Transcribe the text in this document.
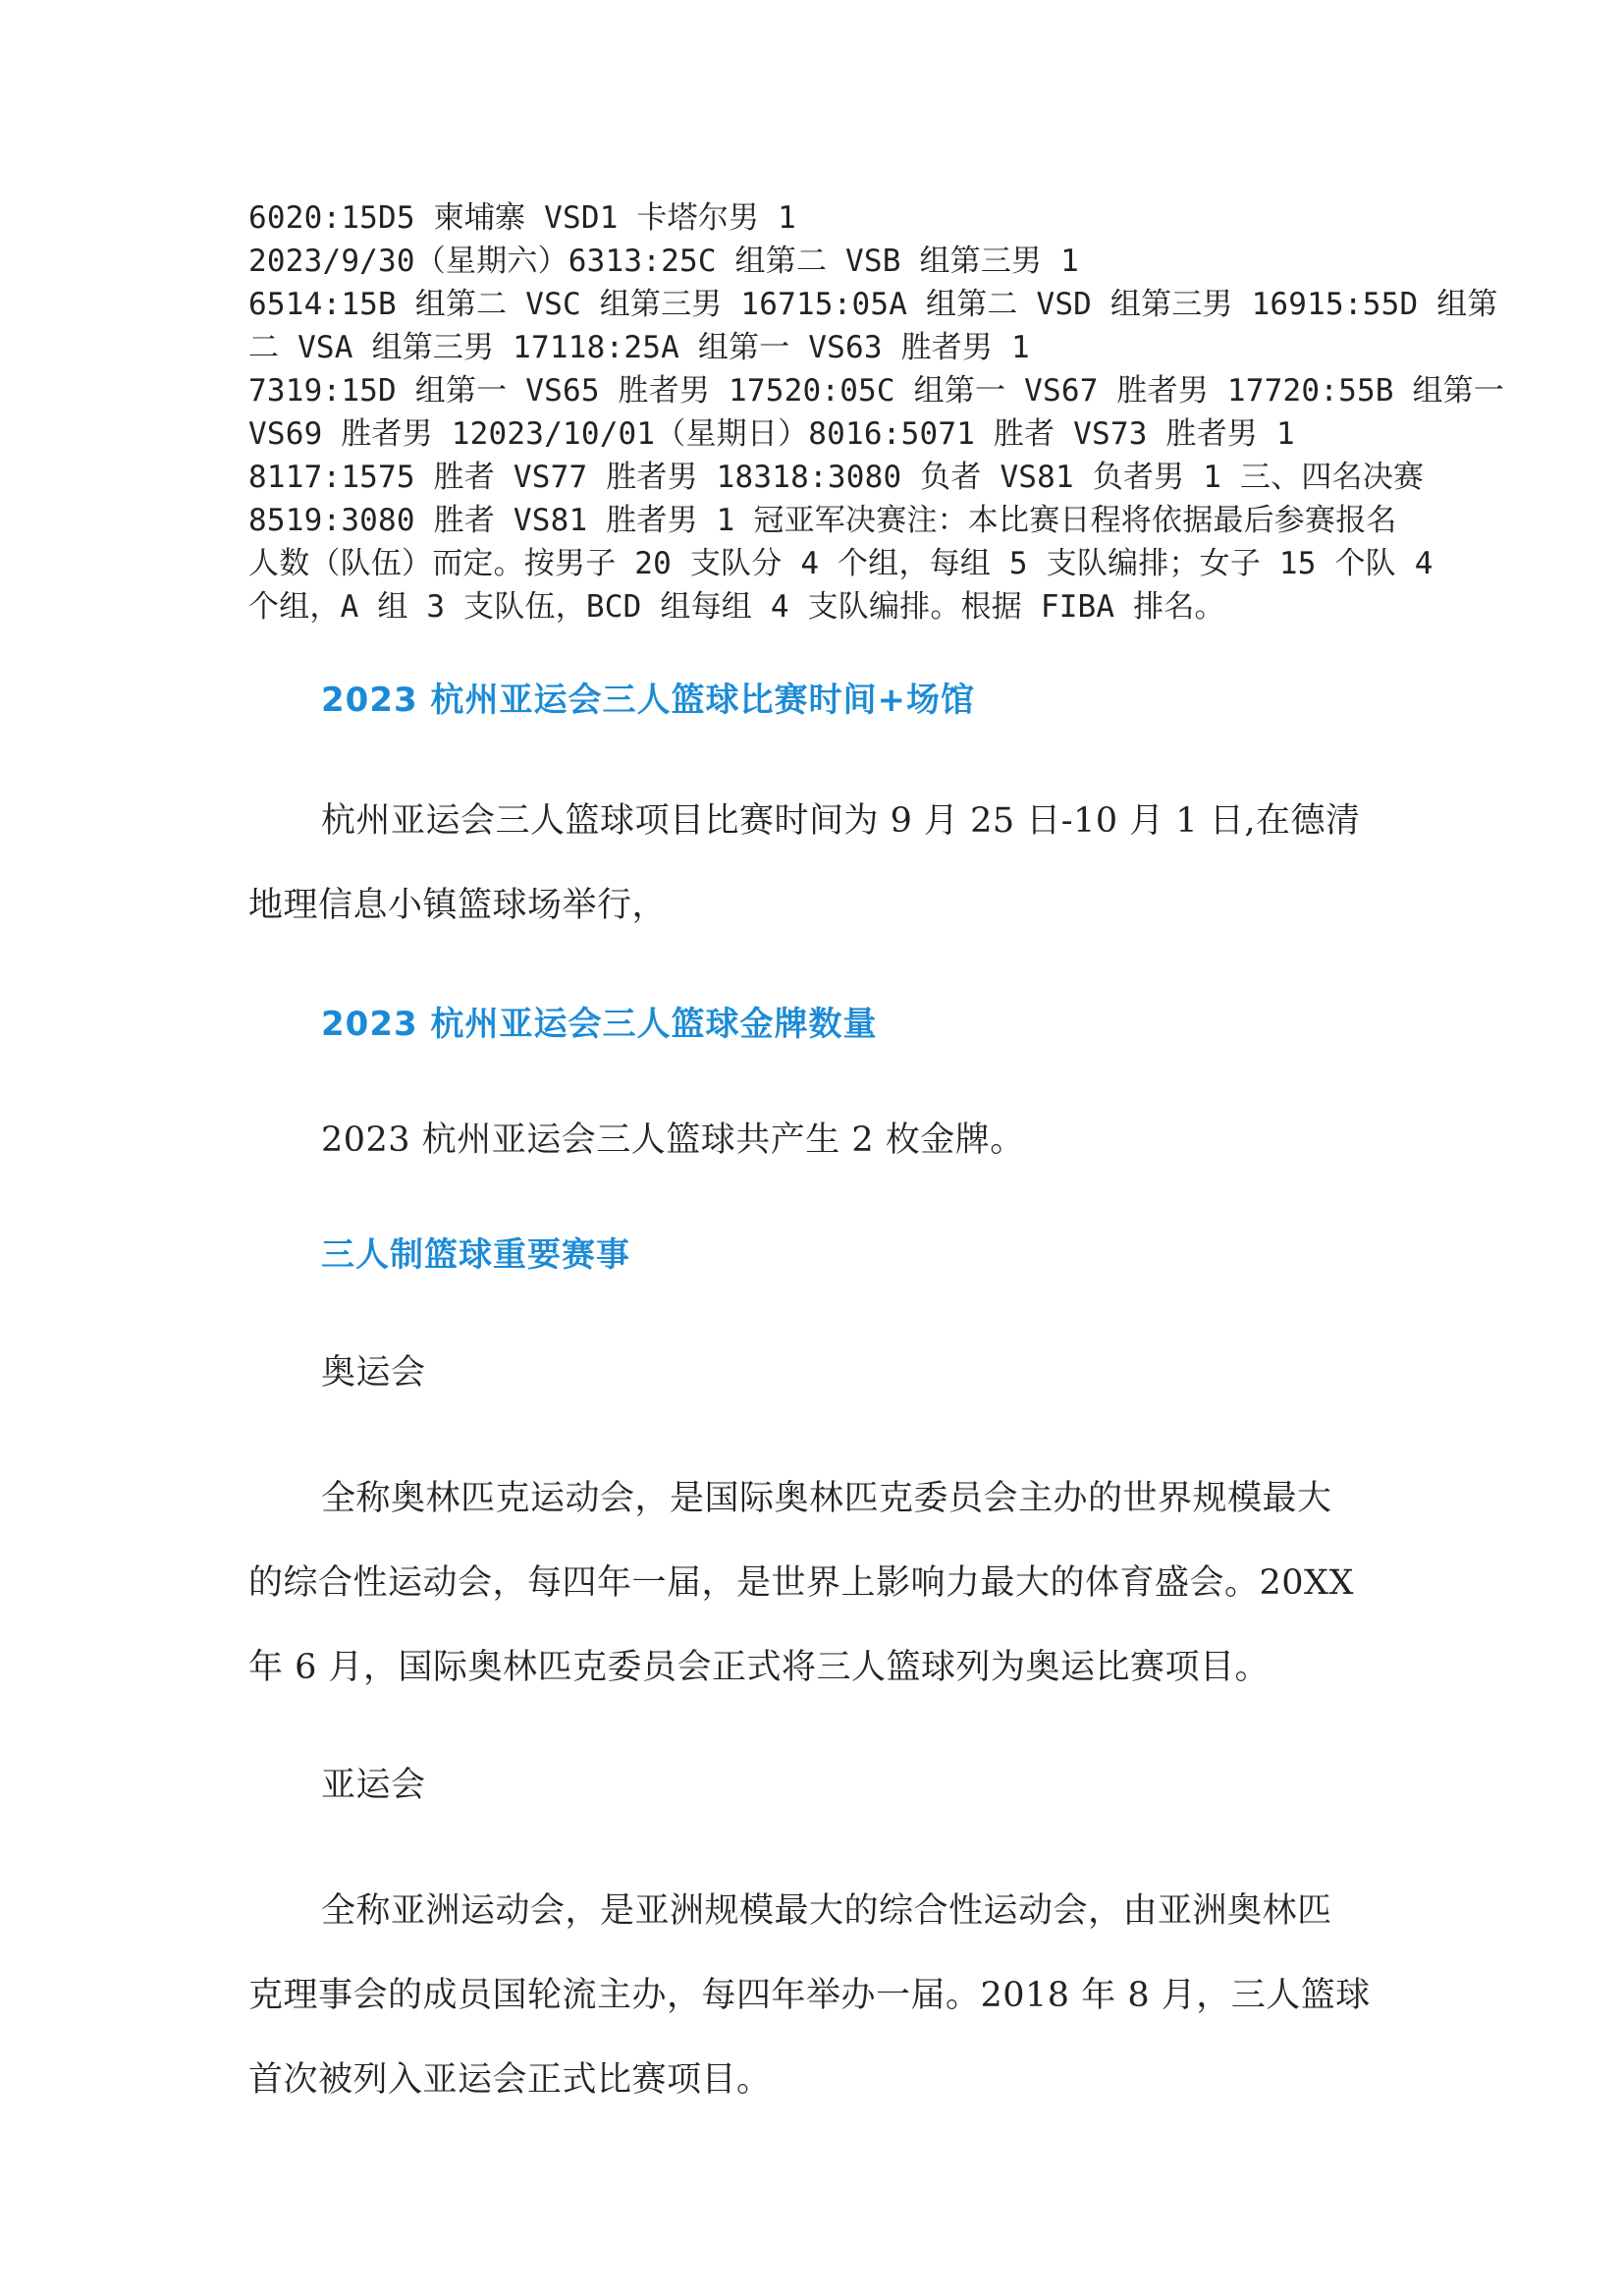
6020:15D5 柬埔寨 VSD1 卡塔尔男 1

2023/9/30（星期六）6313:25C 组第二 VSB 组第三男 1

6514:15B 组第二 VSC 组第三男 16715:05A 组第二 VSD 组第三男 16915:55D 组第

二 VSA 组第三男 17118:25A 组第一 VS63 胜者男 1

7319:15D 组第一 VS65 胜者男 17520:05C 组第一 VS67 胜者男 17720:55B 组第一

VS69 胜者男 12023/10/01（星期日）8016:5071 胜者 VS73 胜者男 1

8117:1575 胜者 VS77 胜者男 18318:3080 负者 VS81 负者男 1 三、四名决赛

8519:3080 胜者 VS81 胜者男 1 冠亚军决赛注：本比赛日程将依据最后参赛报名

人数（队伍）而定。按男子 20 支队分 4 个组，每组 5 支队编排；女子 15 个队 4

个组，A 组 3 支队伍，BCD 组每组 4 支队编排。根据 FIBA 排名。

2023 杭州亚运会三人篮球比赛时间+场馆
杭州亚运会三人篮球项目比赛时间为 9 月 25 日-10 月 1 日,在德清
地理信息小镇篮球场举行，
2023 杭州亚运会三人篮球金牌数量
2023 杭州亚运会三人篮球共产生 2 枚金牌。
三人制篮球重要赛事
奥运会
全称奥林匹克运动会，是国际奥林匹克委员会主办的世界规模最大
的综合性运动会，每四年一届，是世界上影响力最大的体育盛会。20XX
年 6 月，国际奥林匹克委员会正式将三人篮球列为奥运比赛项目。
亚运会
全称亚洲运动会，是亚洲规模最大的综合性运动会，由亚洲奥林匹
克理事会的成员国轮流主办，每四年举办一届。2018 年 8 月，三人篮球
首次被列入亚运会正式比赛项目。
